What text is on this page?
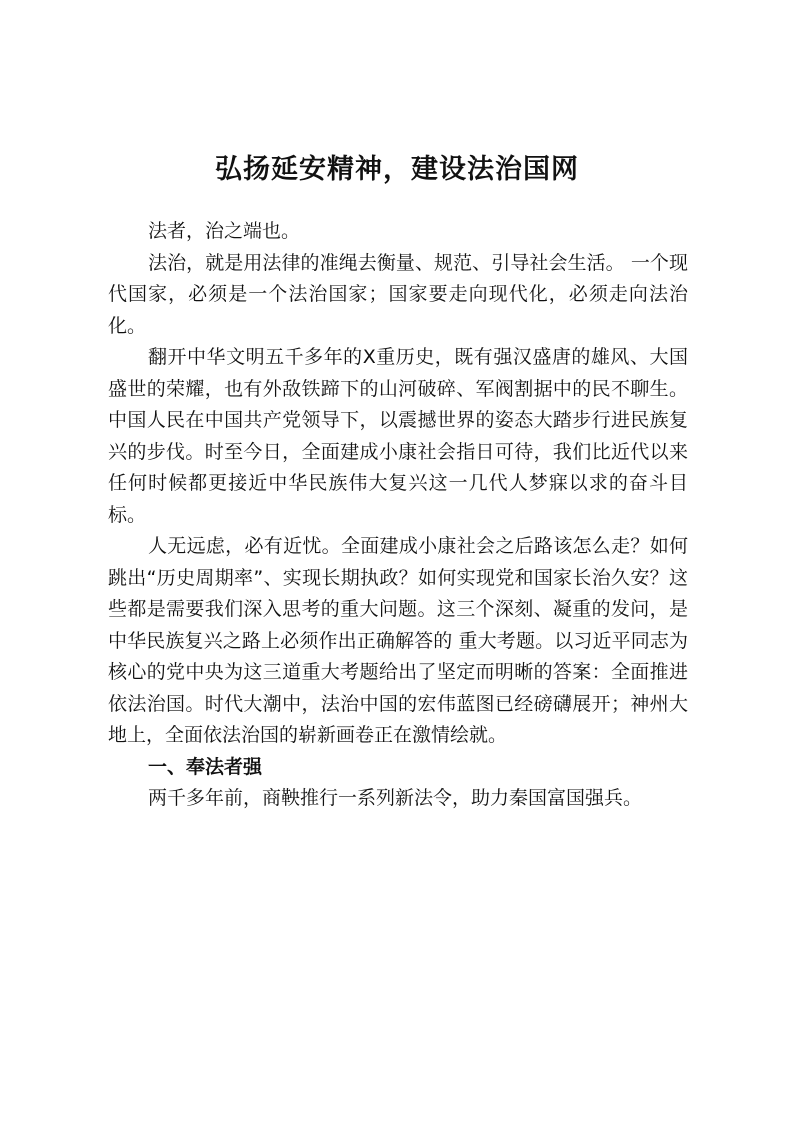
弘扬延安精神，建设法治国网

法者，治之端也。

法治，就是用法律的准绳去衡量、规范、引导社会生活。 一个现代国家，必须是一个法治国家；国家要走向现代化，必须走向法治化。

翻开中华文明五千多年的X重历史，既有强汉盛唐的雄风、大国盛世的荣耀，也有外敌铁蹄下的山河破碎、军阀割据中的民不聊生。中国人民在中国共产党领导下，以震撼世界的姿态大踏步行进民族复兴的步伐。时至今日，全面建成小康社会指日可待，我们比近代以来任何时候都更接近中华民族伟大复兴这一几代人梦寐以求的奋斗目标。

人无远虑，必有近忧。全面建成小康社会之后路该怎么走？如何跳出“历史周期率”、实现长期执政？如何实现党和国家长治久安？这些都是需要我们深入思考的重大问题。这三个深刻、凝重的发问，是中华民族复兴之路上必须作出正确解答的 重大考题。以习近平同志为核心的党中央为这三道重大考题给出了坚定而明晰的答案：全面推进依法治国。时代大潮中，法治中国的宏伟蓝图已经磅礴展开；神州大地上，全面依法治国的崭新画卷正在激情绘就。

一、奉法者强

两千多年前，商鞅推行一系列新法令，助力秦国富国强兵。
